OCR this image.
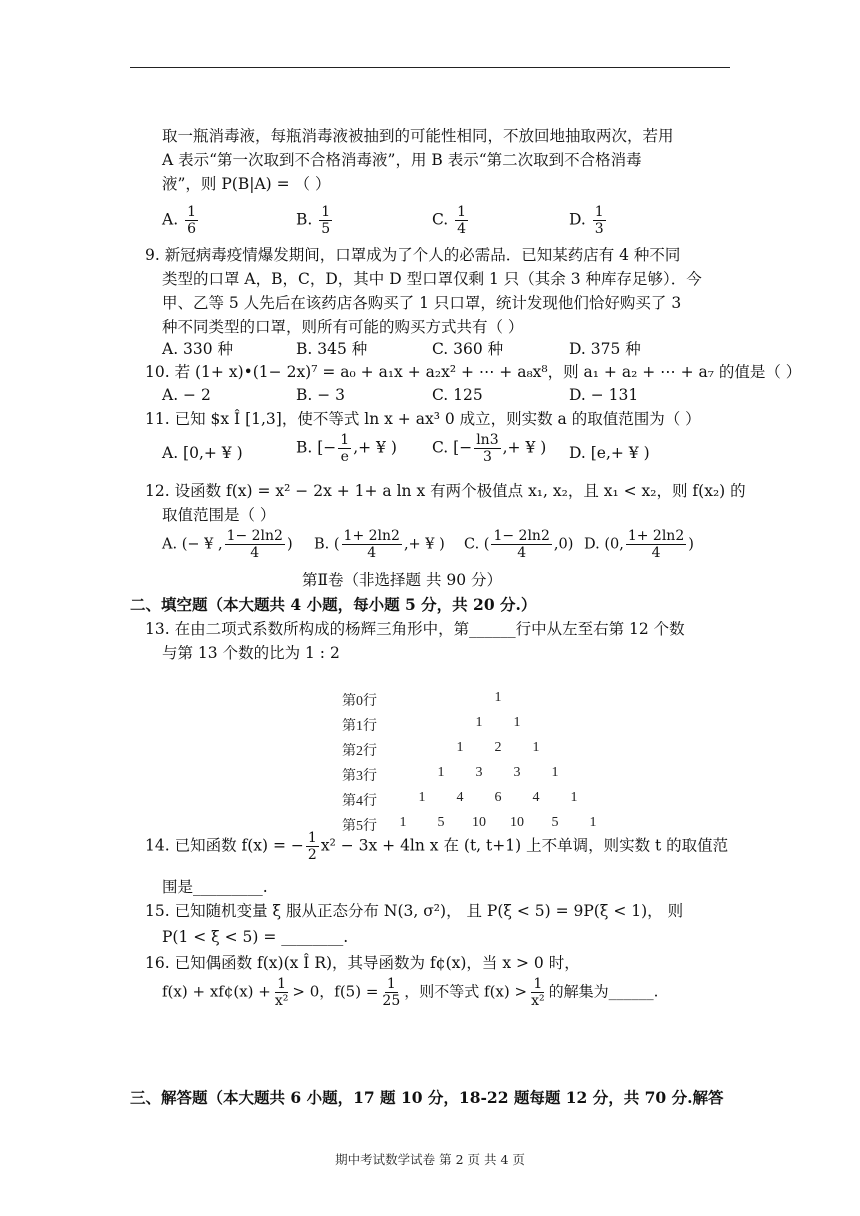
取一瓶消毒液，每瓶消毒液被抽到的可能性相同，不放回地抽取两次，若用
A 表示“第一次取到不合格消毒液”，用 B 表示“第二次取到不合格消毒
液”，则 P(B|A) = （ ）
A. $\frac{1}{6}$	B. $\frac{1}{5}$	C. $\frac{1}{4}$	D. $\frac{1}{3}$
9. 新冠病毒疫情爆发期间，口罩成为了个人的必需品．已知某药店有 4 种不同
类型的口罩 A，B，C，D，其中 D 型口罩仅剩 1 只（其余 3 种库存足够）．今
甲、乙等 5 人先后在该药店各购买了 1 只口罩，统计发现他们恰好购买了 3
种不同类型的口罩，则所有可能的购买方式共有（ ）
A. 330 种	B. 345 种	C. 360 种	D. 375 种
10. 若 (1+ x)•(1− 2x)⁷ = a₀ + a₁x + a₂x² + ⋯ + a₈x⁸，则 a₁ + a₂ + ⋯ + a₇ 的值是（ ）
A. − 2	B. − 3	C. 125	D. − 131
11. 已知 $x Î [1,3]，使不等式 ln x + ax³ 0 成立，则实数 a 的取值范围为（ ）
A. [0,+ ¥ )	B. [− $\frac{1}{e}$ ,+ ¥ ) C. [− $\frac{\ln 3}{3}$ ,+ ¥ ) D. [e,+ ¥ )
12. 设函数 f(x) = x² − 2x + 1+ a ln x 有两个极值点 x₁, x₂，且 x₁ < x₂，则 f(x₂) 的
取值范围是（ ）
A. (− ¥ , $\frac{1- 2\ln 2}{4}$ ) B. ( $\frac{1+ 2\ln 2}{4}$ ,+ ¥ ) C. ( $\frac{1- 2\ln 2}{4} ,0$) D. (0, $\frac{1+ 2\ln 2}{4}$ )
第Ⅱ卷（非选择题 共 90 分）
二、填空题（本大题共 4 小题，每小题 5 分，共 20 分.）
13. 在由二项式系数所构成的杨辉三角形中，第______行中从左至右第 12 个数
与第 13 个数的比为 1 : 2
第0行	1
第1行	1 1
第2行	1 2 1
第3行	1 3 3 1
第4行	1 4 6 4 1
第5行 1 5 10 10 5 1
14. 已知函数 f(x) = − $\frac{1}{2} x^2 - 3x + 4\ln$ x 在 (t, t+1) 上不单调，则实数 t 的取值范
围是_________.
15. 已知随机变量 ξ 服从正态分布 N(3, σ²)， 且 P(ξ < 5) = 9P(ξ < 1)， 则
P(1 < ξ < 5) = ________.
16. 已知偶函数 f(x)(x Î R)，其导函数为 f¢(x)，当 x > 0 时，
f(x) + xf¢(x) + $\frac{1}{\text{x²}} > 0$，$f(5) = \frac{1}{25}$ ，则不等式 $f(x) > \frac{1}{\text{x²}}$ 的解集为______.
三、解答题（本大题共 6 小题，17 题 10 分，18-22 题每题 12 分，共 70 分.解答
期中考试数学试卷 第 2 页 共 4 页
